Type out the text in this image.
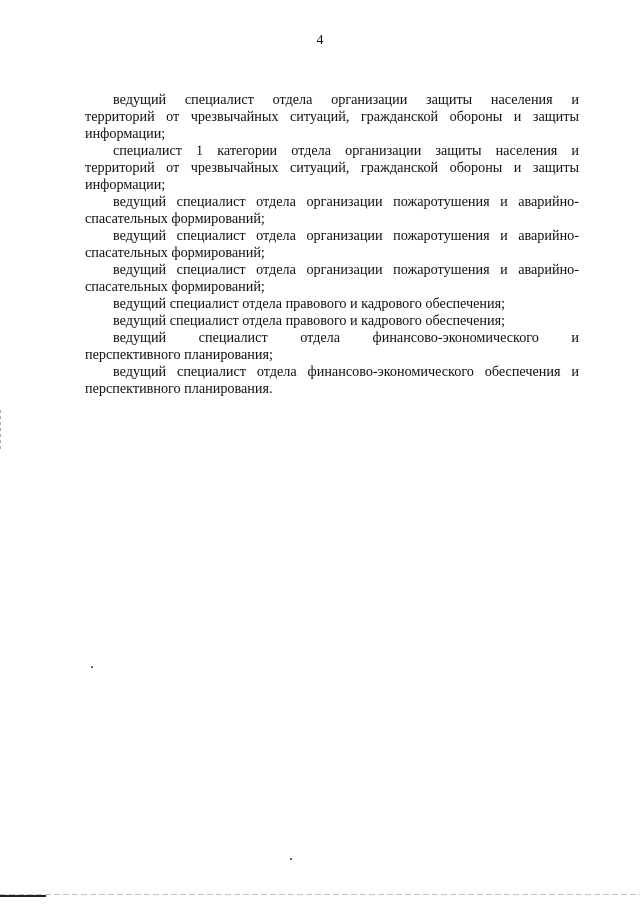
4

ведущий специалист отдела организации защиты населения и
территорий от чрезвычайных ситуаций, гражданской обороны и защиты
информации;

специалист 1 категории отдела организации защиты населения и
территорий от чрезвычайных ситуаций, гражданской обороны и защиты
информации;

ведущий специалист отдела организации пожаротушения и аварийно-
спасательных формирований;

ведущий специалист отдела организации пожаротушения и аварийно-
спасательных формирований;

ведущий специалист отдела организации пожаротушения и аварийно-
спасательных формирований;

ведущий специалист отдела правового и кадрового обеспечения;

ведущий специалист отдела правового и кадрового обеспечения;

ведущий специалист отдела финансово-экономического и
перспективного планирования;

ведущий специалист отдела финансово-экономического обеспечения и
перспективного планирования.
